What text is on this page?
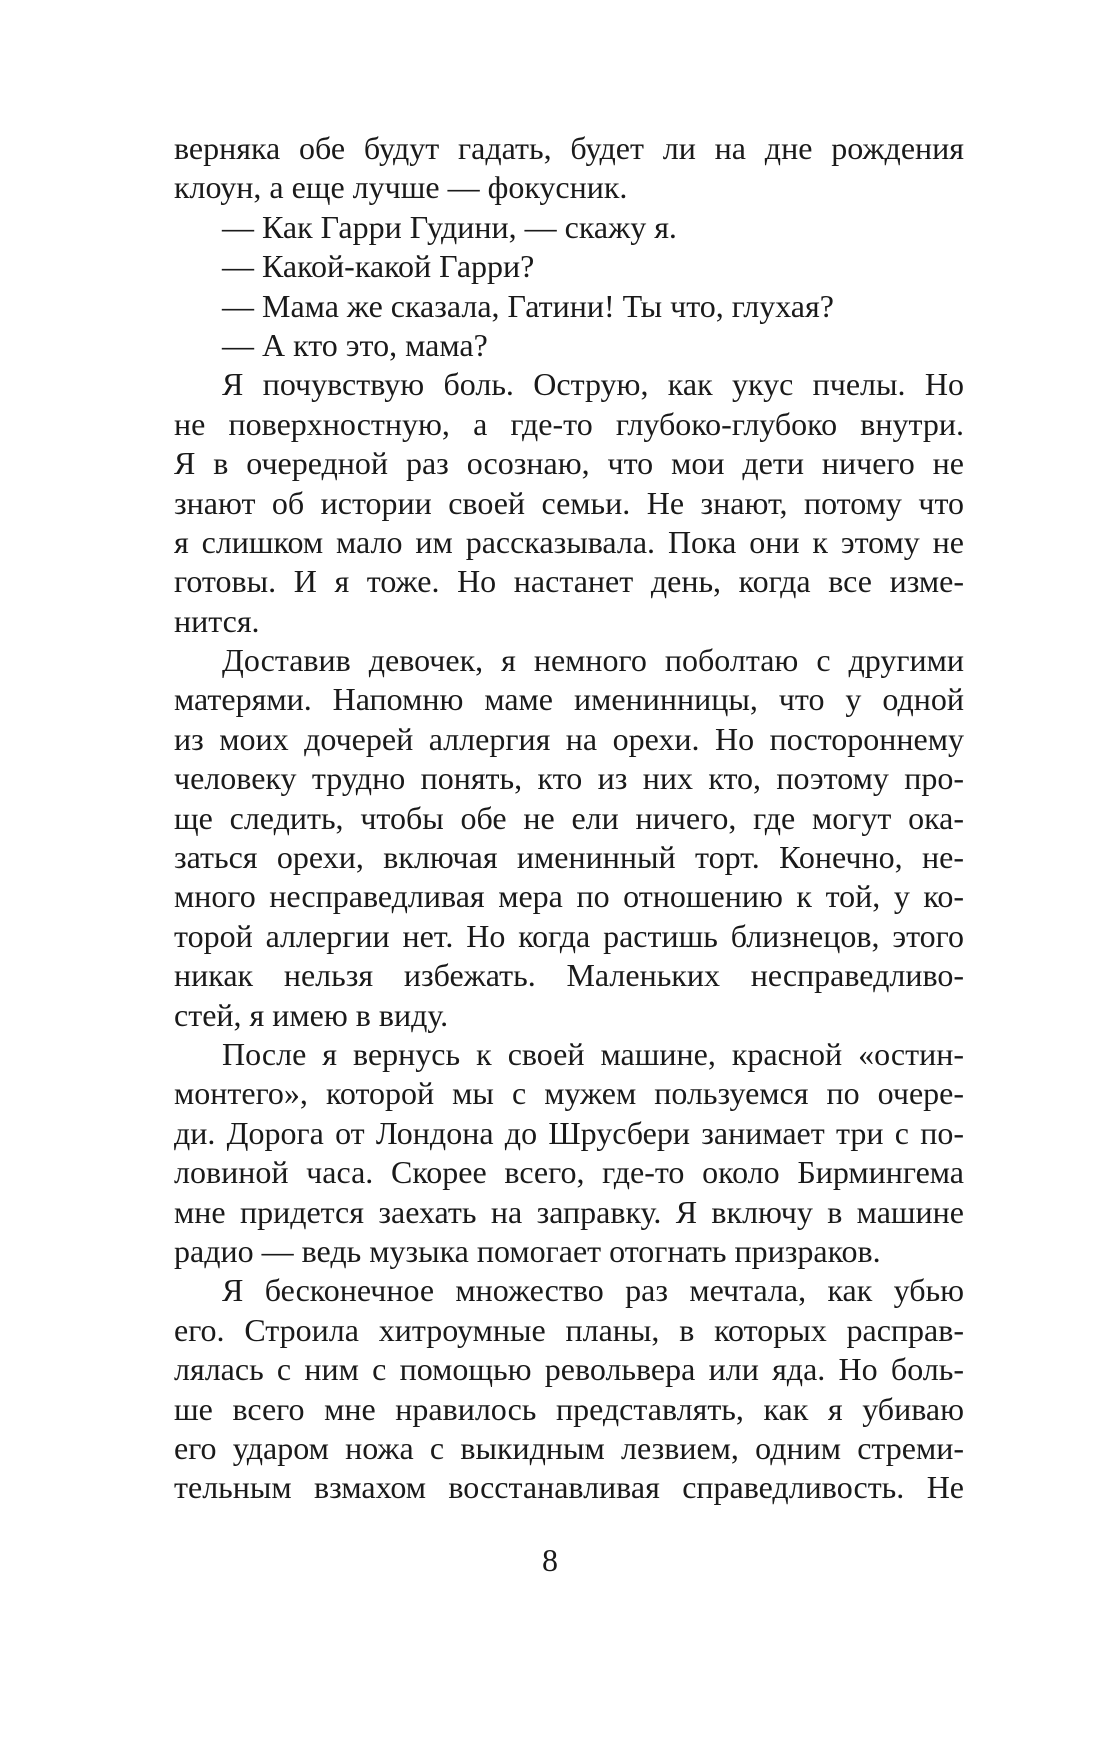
верняка обе будут гадать, будет ли на дне рождения
клоун, а еще лучше — фокусник.
— Как Гарри Гудини, — скажу я.
— Какой-какой Гарри?
— Мама же сказала, Гатини! Ты что, глухая?
— А кто это, мама?
Я почувствую боль. Острую, как укус пчелы. Но
не поверхностную, а где-то глубоко-глубоко внутри.
Я в очередной раз осознаю, что мои дети ничего не
знают об истории своей семьи. Не знают, потому что
я слишком мало им рассказывала. Пока они к этому не
готовы. И я тоже. Но настанет день, когда все изме-
нится.
Доставив девочек, я немного поболтаю с другими
матерями. Напомню маме именинницы, что у одной
из моих дочерей аллергия на орехи. Но постороннему
человеку трудно понять, кто из них кто, поэтому про-
ще следить, чтобы обе не ели ничего, где могут ока-
заться орехи, включая именинный торт. Конечно, не-
много несправедливая мера по отношению к той, у ко-
торой аллергии нет. Но когда растишь близнецов, этого
никак нельзя избежать. Маленьких несправедливо-
стей, я имею в виду.
После я вернусь к своей машине, красной «остин-
монтего», которой мы с мужем пользуемся по очере-
ди. Дорога от Лондона до Шрусбери занимает три с по-
ловиной часа. Скорее всего, где-то около Бирмингема
мне придется заехать на заправку. Я включу в машине
радио — ведь музыка помогает отогнать призраков.
Я бесконечное множество раз мечтала, как убью
его. Строила хитроумные планы, в которых расправ-
лялась с ним с помощью револьвера или яда. Но боль-
ше всего мне нравилось представлять, как я убиваю
его ударом ножа с выкидным лезвием, одним стреми-
тельным взмахом восстанавливая справедливость. Не
8
